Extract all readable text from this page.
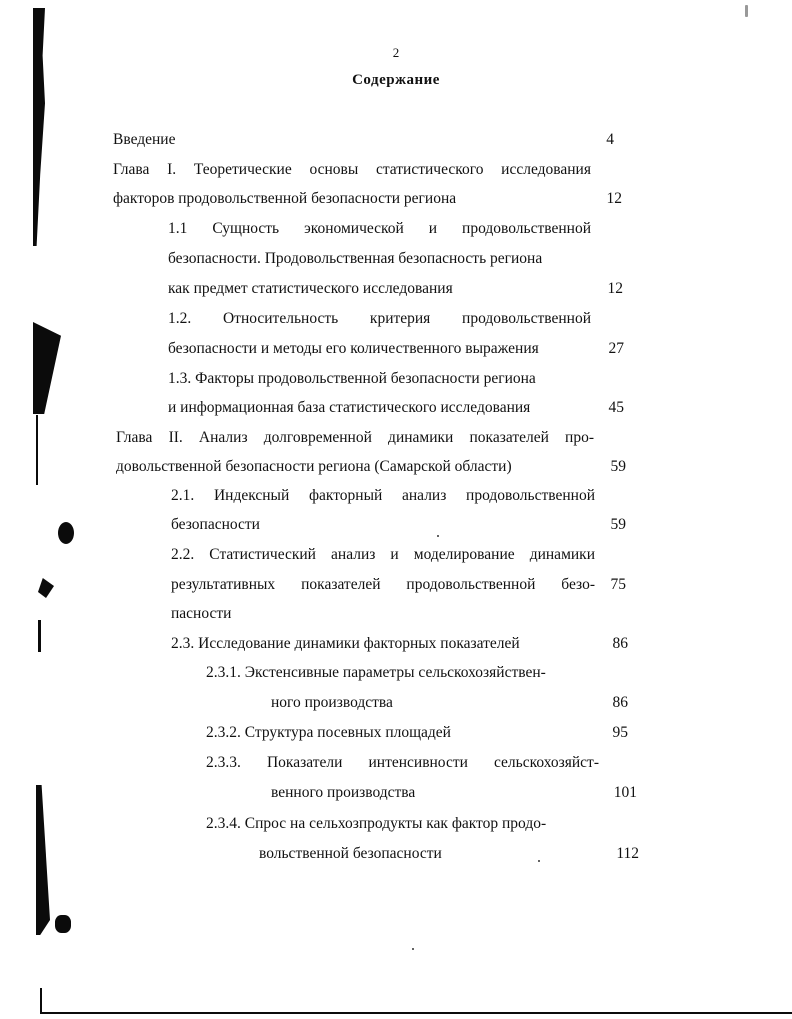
2
Содержание
Введение	4
Глава I. Теоретические основы статистического исследования
факторов продовольственной безопасности региона	12
1.1 Сущность экономической и продовольственной
безопасности. Продовольственная безопасность региона
как предмет статистического исследования	12
1.2. Относительность критерия продовольственной
безопасности и методы его количественного выражения	27
1.3. Факторы продовольственной безопасности региона
и информационная база статистического исследования	45
Глава II. Анализ долговременной динамики показателей про-
довольственной безопасности региона (Самарской области)	59
2.1. Индексный факторный анализ продовольственной
безопасности	59
2.2. Статистический анализ и моделирование динамики
результативных показателей продовольственной безо-	75
пасности
2.3. Исследование динамики факторных показателей	86
2.3.1. Экстенсивные параметры сельскохозяйствен-
ного производства	86
2.3.2. Структура посевных площадей	95
2.3.3. Показатели интенсивности сельскохозяйст-
венного производства	101
2.3.4. Спрос на сельхозпродукты как фактор продо-
вольственной безопасности	112
